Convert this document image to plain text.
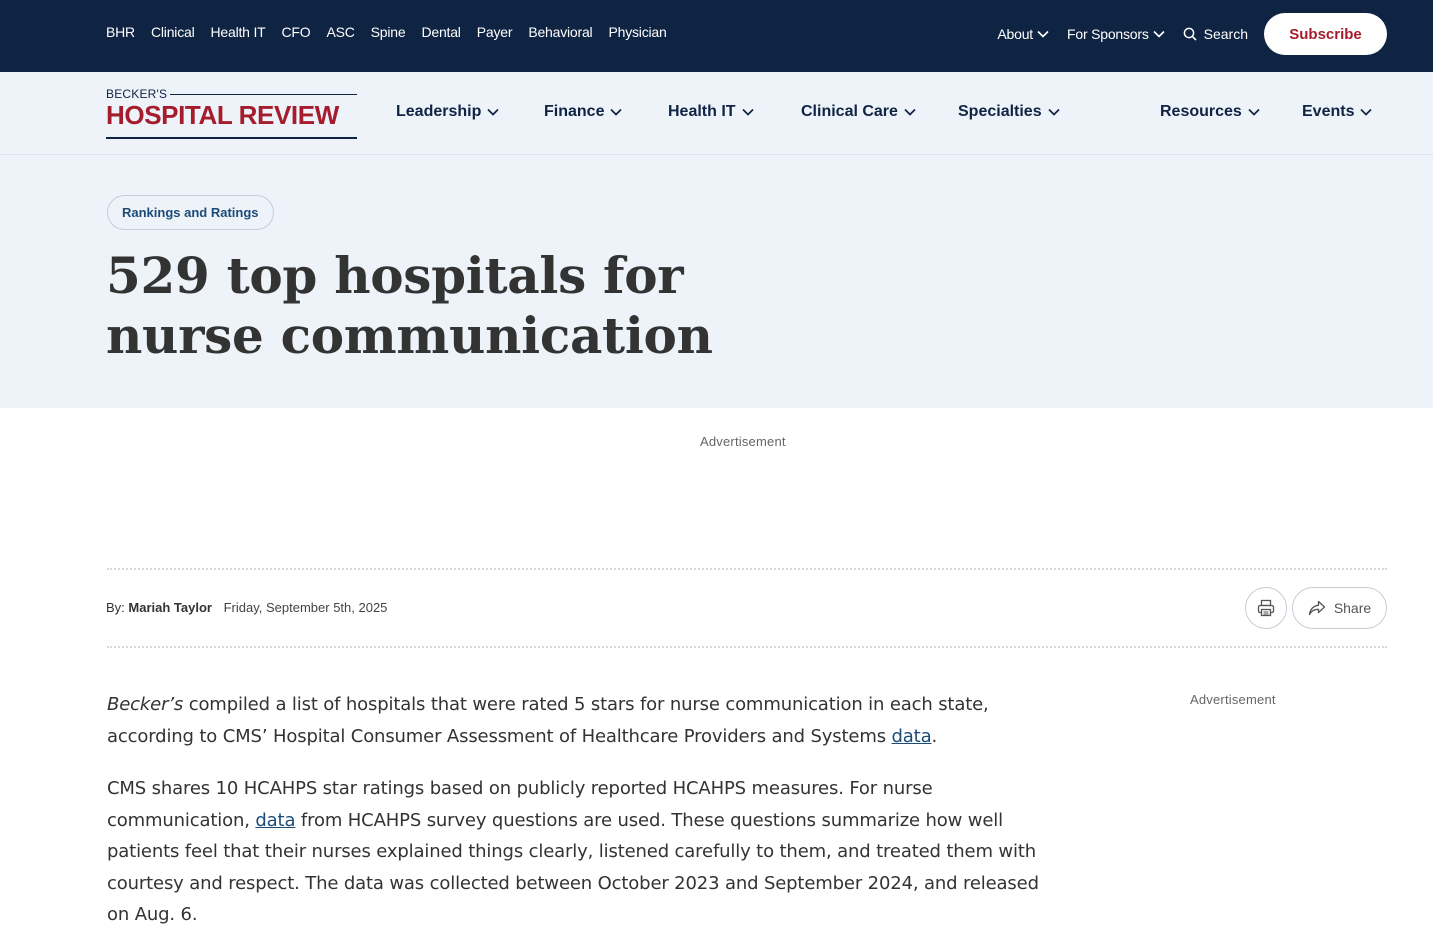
BHR Clinical Health IT CFO ASC Spine Dental Payer Behavioral Physician	About For Sponsors	Search	Subscribe
BECKER'S
HOSPITAL REVIEW	Leadership	Finance	Health IT	Clinical Care	Specialties	Resources	Events
Rankings and Ratings
529 top hospitals for nurse communication
Advertisement
By: Mariah Taylor Friday, September 5th, 2025	Share

Becker’s compiled a list of hospitals that were rated 5 stars for nurse communication in each state, according to CMS’ Hospital Consumer Assessment of Healthcare Providers and Systems data.

CMS shares 10 HCAHPS star ratings based on publicly reported HCAHPS measures. For nurse communication, data from HCAHPS survey questions are used. These questions summarize how well patients feel that their nurses explained things clearly, listened carefully to them, and treated them with courtesy and respect. The data was collected between October 2023 and September 2024, and released on Aug. 6.

Advertisement
